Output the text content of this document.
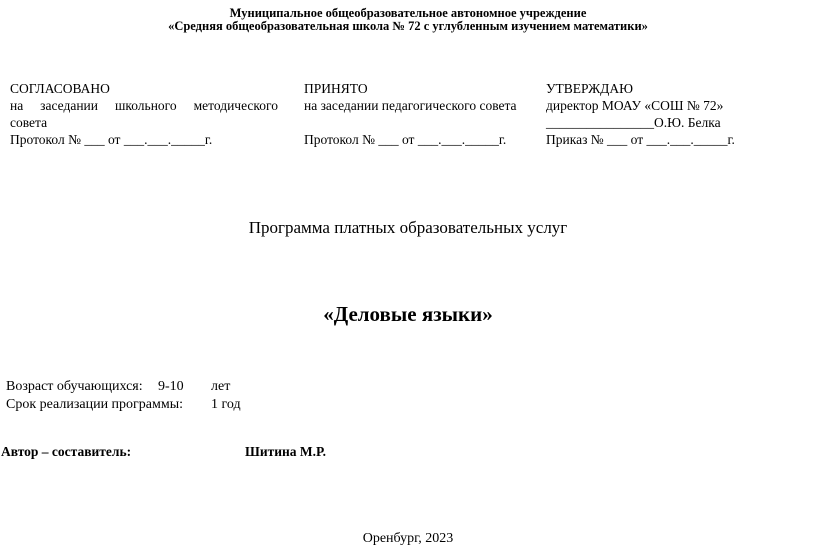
Муниципальное общеобразовательное автономное учреждение
«Средняя общеобразовательная школа № 72 с углубленным изучением математики»
СОГЛАСОВАНО
на заседании школьного методического
совета
Протокол № ___ от ___.___._____г.
ПРИНЯТО
на заседании педагогического совета

Протокол № ___ от ___.___._____г.
УТВЕРЖДАЮ
директор МОАУ «СОШ № 72»
________________О.Ю. Белка
Приказ № ___ от ___.___._____г.
Программа платных образовательных услуг
«Деловые языки»
Возраст обучающихся: 9-10 лет
Срок реализации программы: 1 год
Автор – составитель:	Шитина М.Р.
Оренбург, 2023
